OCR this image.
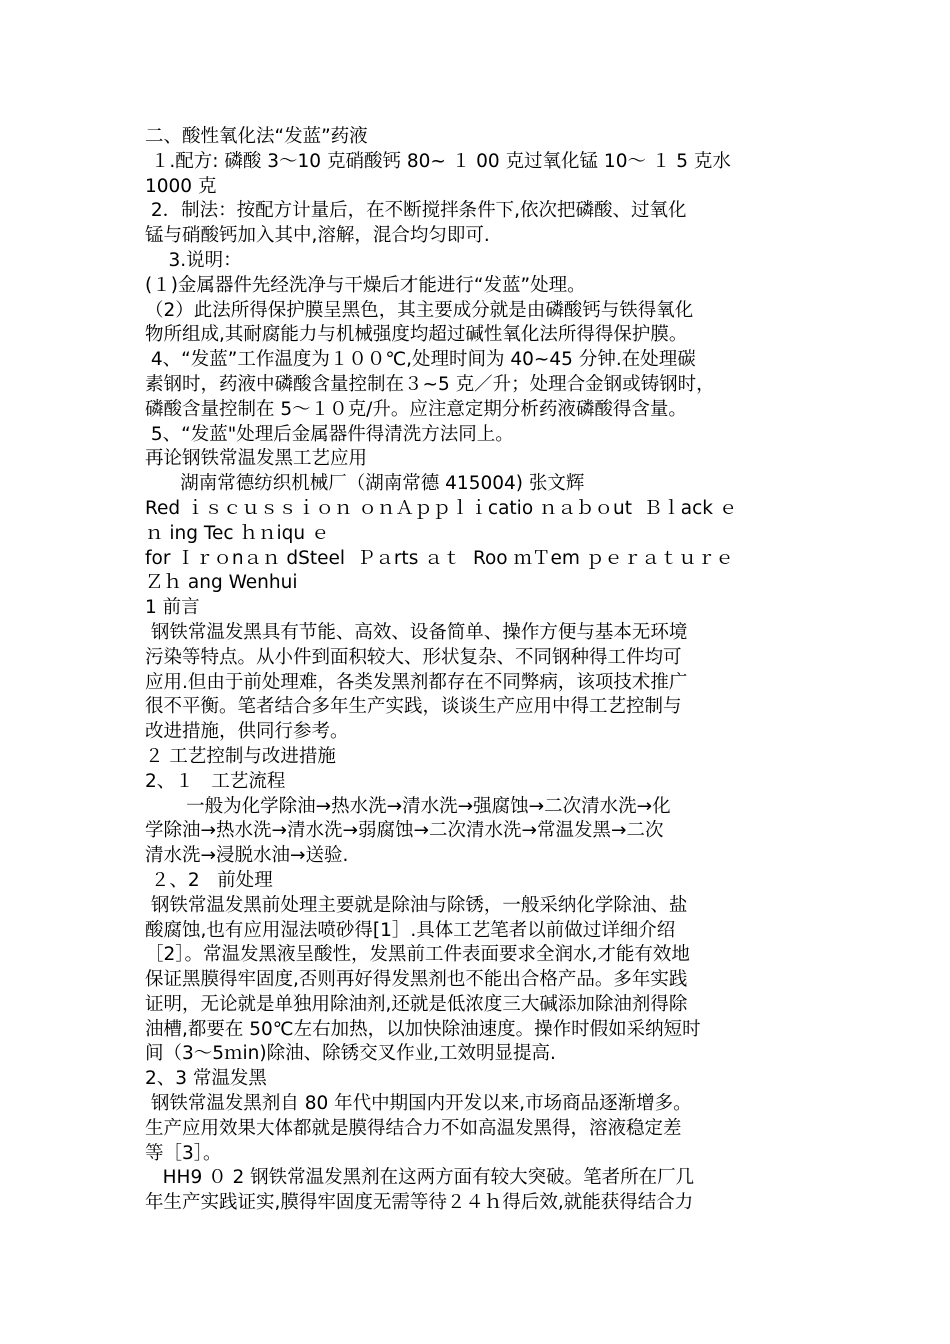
二、酸性氧化法“发蓝”药液
１.配方: 磷酸 3～10 克硝酸钙 80~ １ 00 克过氧化锰 10～ １ 5 克水
1000 克
2．制法：按配方计量后，在不断搅拌条件下,依次把磷酸、过氧化
锰与硝酸钙加入其中,溶解，混合均匀即可.
3.说明：
(１)金属器件先经洗净与干燥后才能进行“发蓝”处理。
（2）此法所得保护膜呈黑色，其主要成分就是由磷酸钙与铁得氧化
物所组成,其耐腐能力与机械强度均超过碱性氧化法所得得保护膜。
4、“发蓝”工作温度为１００℃,处理时间为 40~45 分钟.在处理碳
素钢时，药液中磷酸含量控制在３~5 克／升；处理合金钢或铸钢时，
磷酸含量控制在 5～１０克/升。应注意定期分析药液磷酸得含量。
5、“发蓝"处理后金属器件得清洗方法同上。
再论钢铁常温发黑工艺应用
湖南常德纺织机械厂（湖南常德 415004) 张文辉
Red ｉｓｃｕｓｓｉｏｎ ｏｎＡｐｐｌｉcatio ｎａｂｏut  Ｂｌack ｅ
ｎ ing Tec ｈｎiqu ｅ
for Ｉｒｏnａｎ dSteel  Ｐａrts ａｔ  Roo ｍＴem ｐｅｒａｔｕｒｅ
Ｚｈ ang Wenhui
1 前言
钢铁常温发黑具有节能、高效、设备简单、操作方便与基本无环境
污染等特点。从小件到面积较大、形状复杂、不同钢种得工件均可
应用.但由于前处理难，各类发黑剂都存在不同弊病，该项技术推广
很不平衡。笔者结合多年生产实践，谈谈生产应用中得工艺控制与
改进措施，供同行参考。
２ 工艺控制与改进措施
2、１   工艺流程
一般为化学除油→热水洗→清水洗→强腐蚀→二次清水洗→化
学除油→热水洗→清水洗→弱腐蚀→二次清水洗→常温发黑→二次
清水洗→浸脱水油→送验.
２、2   前处理
钢铁常温发黑前处理主要就是除油与除锈，一般采纳化学除油、盐
酸腐蚀,也有应用湿法喷砂得[1］.具体工艺笔者以前做过详细介绍
［2］。常温发黑液呈酸性，发黑前工件表面要求全润水,才能有效地
保证黑膜得牢固度,否则再好得发黑剂也不能出合格产品。多年实践
证明，无论就是单独用除油剂,还就是低浓度三大碱添加除油剂得除
油槽,都要在 50℃左右加热，以加快除油速度。操作时假如采纳短时
间（3～5ｍin)除油、除锈交叉作业,工效明显提高.
2、3 常温发黑
钢铁常温发黑剂自 80 年代中期国内开发以来,市场商品逐渐增多。
生产应用效果大体都就是膜得结合力不如高温发黑得，溶液稳定差
等［3］。
HH9 ０ 2 钢铁常温发黑剂在这两方面有较大突破。笔者所在厂几
年生产实践证实,膜得牢固度无需等待２４ｈ得后效,就能获得结合力
